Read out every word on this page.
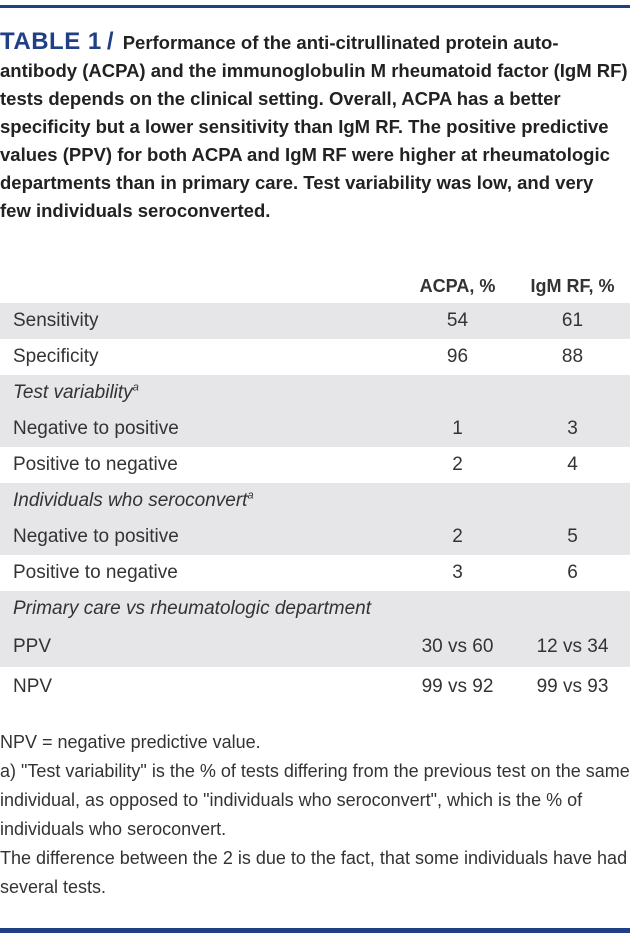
TABLE 1 / Performance of the anti-citrullinated protein auto-antibody (ACPA) and the immunoglobulin M rheumatoid factor (IgM RF) tests depends on the clinical setting. Overall, ACPA has a better specificity but a lower sensitivity than IgM RF. The positive predictive values (PPV) for both ACPA and IgM RF were higher at rheumatologic departments than in primary care. Test variability was low, and very few individuals seroconverted.
	ACPA, %	IgM RF, %
Sensitivity	54	61
Specificity	96	88
Test variability$^a$		
Negative to positive	1	3
Positive to negative	2	4
Individuals who seroconvert$^a$		
Negative to positive	2	5
Positive to negative	3	6
Primary care vs rheumatologic department		
PPV	30 vs 60	12 vs 34
NPV	99 vs 92	99 vs 93

NPV = negative predictive value.

a) "Test variability" is the % of tests differing from the previous test on the same individual, as opposed to "individuals who seroconvert", which is the % of individuals who seroconvert.

The difference between the 2 is due to the fact, that some individuals have had several tests.
